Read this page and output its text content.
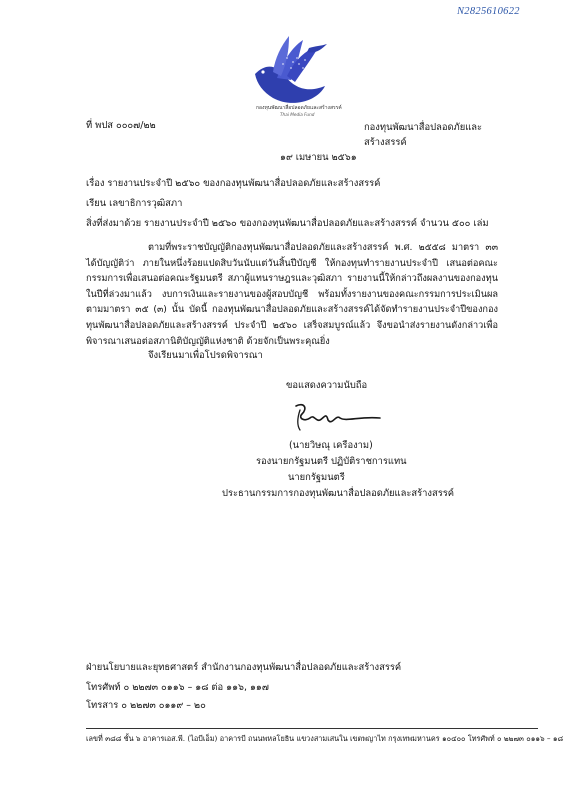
N2825610622
กองทุนพัฒนาสื่อปลอดภัยและสร้างสรรค์
Thai Media Fund
ที่ พปส ๐๐๐๗/๒๒	กองทุนพัฒนาสื่อปลอดภัยและสร้างสรรค์
๑๙ เมษายน ๒๕๖๑
เรื่อง รายงานประจำปี ๒๕๖๐ ของกองทุนพัฒนาสื่อปลอดภัยและสร้างสรรค์
เรียน เลขาธิการวุฒิสภา
สิ่งที่ส่งมาด้วย รายงานประจำปี ๒๕๖๐ ของกองทุนพัฒนาสื่อปลอดภัยและสร้างสรรค์ จำนวน ๕๐๐ เล่ม
ตามที่พระราชบัญญัติกองทุนพัฒนาสื่อปลอดภัยและสร้างสรรค์ พ.ศ. ๒๕๕๘ มาตรา ๓๓ ได้บัญญัติว่า ภายในหนึ่งร้อยแปดสิบวันนับแต่วันสิ้นปีบัญชี ให้กองทุนทำรายงานประจำปี เสนอต่อคณะกรรมการเพื่อเสนอต่อคณะรัฐมนตรี สภาผู้แทนราษฎรและวุฒิสภา รายงานนี้ให้กล่าวถึงผลงานของกองทุนในปีที่ล่วงมาแล้ว งบการเงินและรายงานของผู้สอบบัญชี พร้อมทั้งรายงานของคณะกรรมการประเมินผลตามมาตรา ๓๕ (๓) นั้น บัดนี้ กองทุนพัฒนาสื่อปลอดภัยและสร้างสรรค์ได้จัดทำรายงานประจำปีของกองทุนพัฒนาสื่อปลอดภัยและสร้างสรรค์ ประจำปี ๒๕๖๐ เสร็จสมบูรณ์แล้ว จึงขอนำส่งรายงานดังกล่าวเพื่อพิจารณาเสนอต่อสภานิติบัญญัติแห่งชาติ ด้วยจักเป็นพระคุณยิ่ง
จึงเรียนมาเพื่อโปรดพิจารณา
ขอแสดงความนับถือ
(นายวิษณุ เครืองาม)
รองนายกรัฐมนตรี ปฏิบัติราชการแทน
นายกรัฐมนตรี
ประธานกรรมการกองทุนพัฒนาสื่อปลอดภัยและสร้างสรรค์
ฝ่ายนโยบายและยุทธศาสตร์ สำนักงานกองทุนพัฒนาสื่อปลอดภัยและสร้างสรรค์
โทรศัพท์ ๐ ๒๒๗๓ ๐๑๑๖ – ๑๘ ต่อ ๑๑๖, ๑๑๗
โทรสาร ๐ ๒๒๗๓ ๐๑๑๙ – ๒๐
เลขที่ ๓๘๘ ชั้น ๖ อาคารเอส.พี. (ไอบีเอ็ม) อาคารบี ถนนพหลโยธิน แขวงสามเสนใน เขตพญาไท กรุงเทพมหานคร ๑๐๔๐๐ โทรศัพท์ ๐ ๒๒๗๓ ๐๑๑๖ – ๑๘
